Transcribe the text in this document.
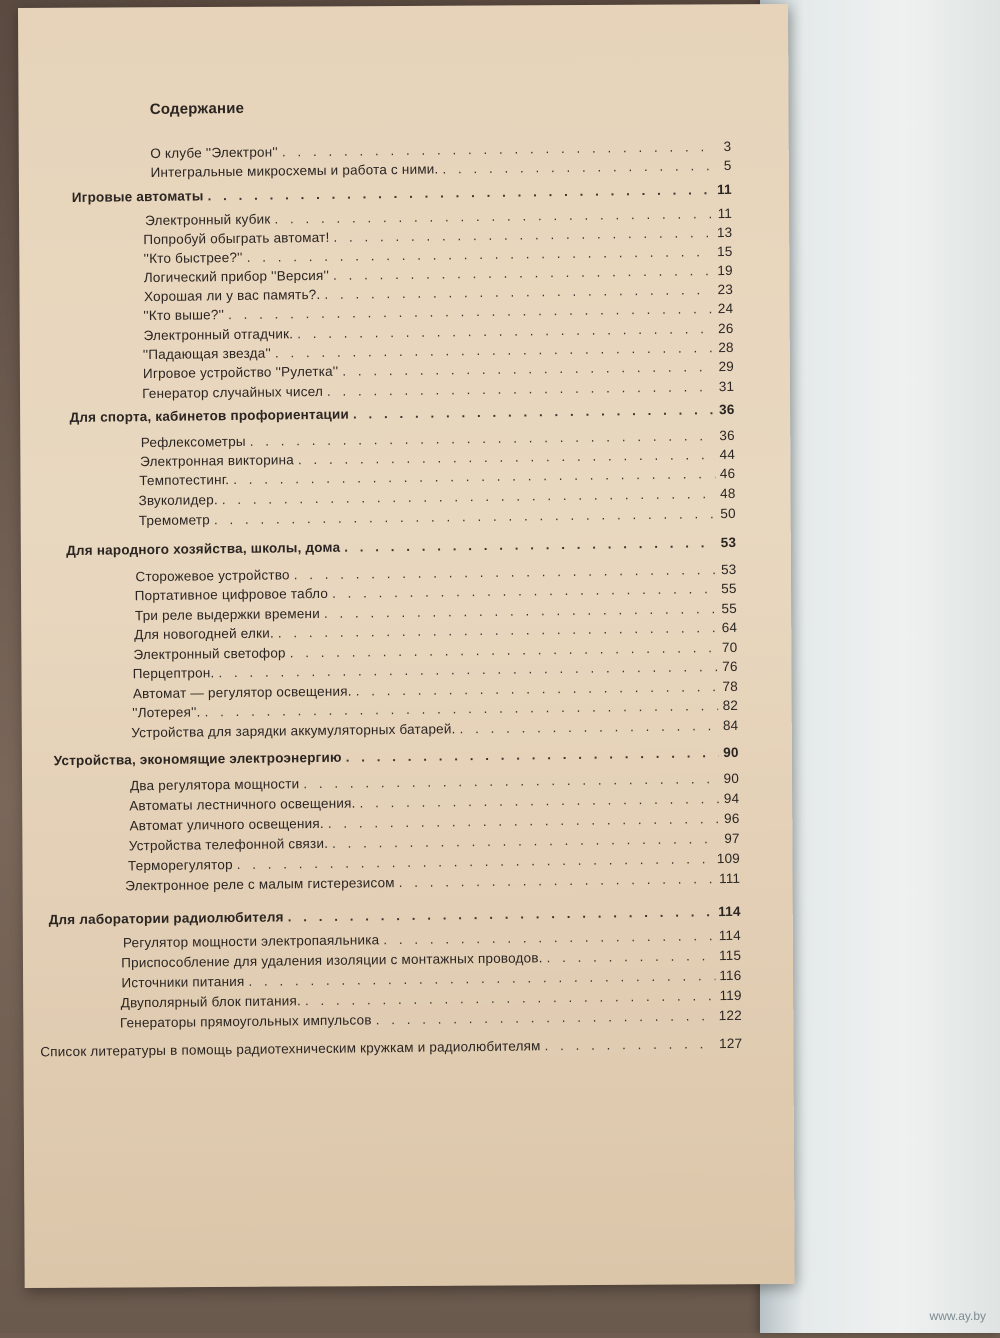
www.ay.by
Содержание
О клубе ''Электрон'' . . .	3
Интегральные микросхемы и работа с ними. . . .	5
Игровые автоматы . . .	11
Электронный кубик . . .	11
Попробуй обыграть автомат! . . .	13
''Кто быстрее?'' . . .	15
Логический прибор ''Версия'' . . .	19
Хорошая ли у вас память?. . . .	23
''Кто выше?'' . . .	24
Электронный отгадчик. . . .	26
''Падающая звезда'' . . .	28
Игровое устройство ''Рулетка'' . . .	29
Генератор случайных чисел . . .	31
Для спорта, кабинетов профориентации . . .	36
Рефлексометры . . .	36
Электронная викторина . . .	44
Темпотестинг. . . .	46
Звуколидер. . . .	48
Тремометр . . .	50
Для народного хозяйства, школы, дома . . .	53
Сторожевое устройство . . .	53
Портативное цифровое табло . . .	55
Три реле выдержки времени . . .	55
Для новогодней елки. . . .	64
Электронный светофор . . .	70
Перцептрон. . . .	76
Автомат — регулятор освещения. . . .	78
''Лотерея''. . . .	82
Устройства для зарядки аккумуляторных батарей. . . .	84
Устройства, экономящие электроэнергию . . .	90
Два регулятора мощности . . .	90
Автоматы лестничного освещения. . . .	94
Автомат уличного освещения. . . .	96
Устройства телефонной связи. . . .	97
Терморегулятор . . .	109
Электронное реле с малым гистерезисом . . .	111
Для лаборатории радиолюбителя . . .	114
Регулятор мощности электропаяльника . . .	114
Приспособление для удаления изоляции с монтажных проводов. . . .	115
Источники питания . . .	116
Двуполярный блок питания. . . .	119
Генераторы прямоугольных импульсов . . .	122
Список литературы в помощь радиотехническим кружкам и радиолюбителям . . .	127
